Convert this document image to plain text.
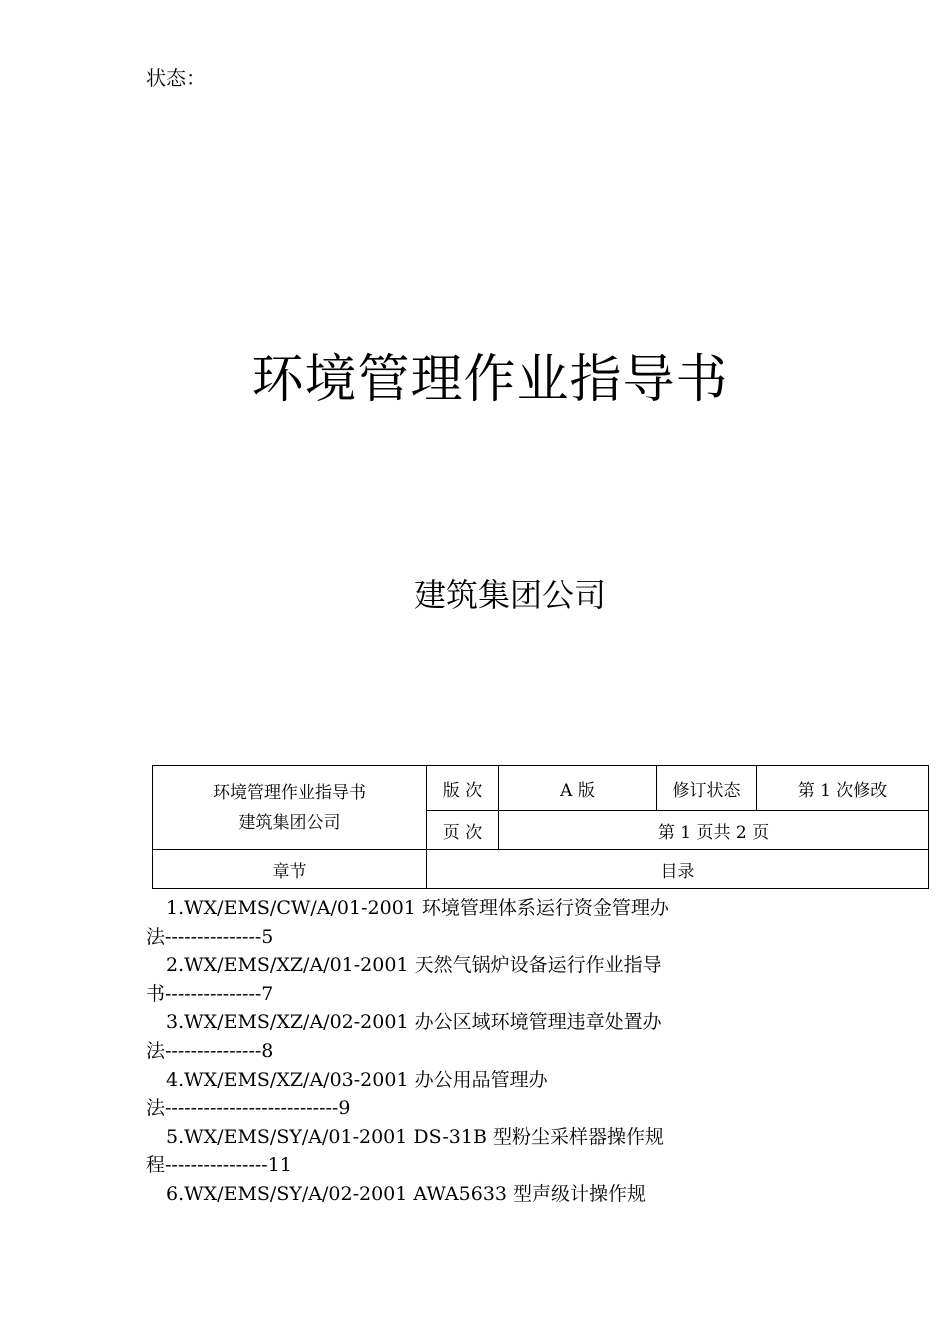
状态：
环境管理作业指导书
建筑集团公司
环境管理作业指导书
建筑集团公司	版 次	A 版	修订状态	第 1 次修改
	页 次	第 1 页共 2 页		
章节	目录			
1.WX/EMS/CW/A/01-2001 环境管理体系运行资金管理办
法---------------5
2.WX/EMS/XZ/A/01-2001 天然气锅炉设备运行作业指导
书---------------7
3.WX/EMS/XZ/A/02-2001 办公区域环境管理违章处置办
法---------------8
4.WX/EMS/XZ/A/03-2001 办公用品管理办
法---------------------------9
5.WX/EMS/SY/A/01-2001 DS-31B 型粉尘采样器操作规
程----------------11
6.WX/EMS/SY/A/02-2001 AWA5633 型声级计操作规
